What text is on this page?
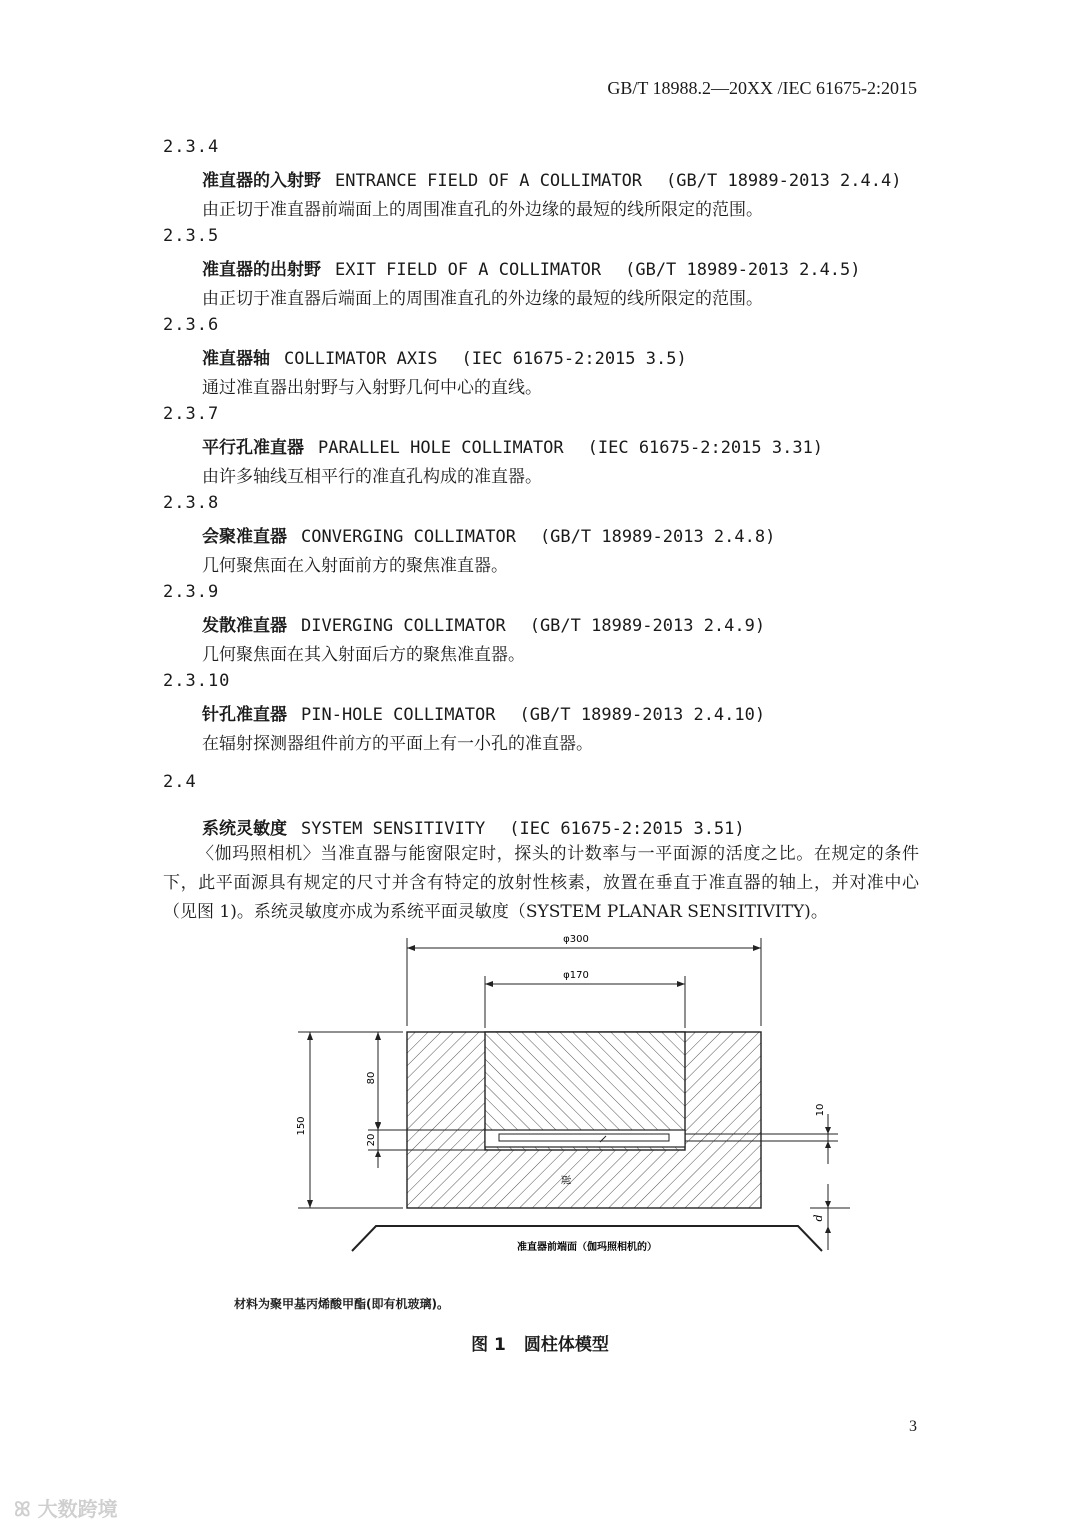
GB/T 18988.2—20XX /IEC 61675-2:2015
2.3.4
准直器的入射野 ENTRANCE FIELD OF A COLLIMATOR (GB/T 18989-2013 2.4.4)
由正切于准直器前端面上的周围准直孔的外边缘的最短的线所限定的范围。
2.3.5
准直器的出射野 EXIT FIELD OF A COLLIMATOR (GB/T 18989-2013 2.4.5)
由正切于准直器后端面上的周围准直孔的外边缘的最短的线所限定的范围。
2.3.6
准直器轴 COLLIMATOR AXIS (IEC 61675-2:2015 3.5)
通过准直器出射野与入射野几何中心的直线。
2.3.7
平行孔准直器 PARALLEL HOLE COLLIMATOR (IEC 61675-2:2015 3.31)
由许多轴线互相平行的准直孔构成的准直器。
2.3.8
会聚准直器 CONVERGING COLLIMATOR (GB/T 18989-2013 2.4.8)
几何聚焦面在入射面前方的聚焦准直器。
2.3.9
发散准直器 DIVERGING COLLIMATOR (GB/T 18989-2013 2.4.9)
几何聚焦面在其入射面后方的聚焦准直器。
2.3.10
针孔准直器 PIN-HOLE COLLIMATOR (GB/T 18989-2013 2.4.10)
在辐射探测器组件前方的平面上有一小孔的准直器。
2.4
系统灵敏度 SYSTEM SENSITIVITY (IEC 61675-2:2015 3.51)
〈伽玛照相机〉当准直器与能窗限定时，探头的计数率与一平面源的活度之比。在规定的条件下，此平面源具有规定的尺寸并含有特定的放射性核素，放置在垂直于准直器的轴上，并对准中心（见图 1)。系统灵敏度亦成为系统平面灵敏度（SYSTEM PLANAR SENSITIVITY)。
φ300
φ170
150
80
20
10
源
d
准直器前端面（伽玛照相机的）
材料为聚甲基丙烯酸甲酯(即有机玻璃)。
图 1 圆柱体模型
3
ꕤ 大数跨境
